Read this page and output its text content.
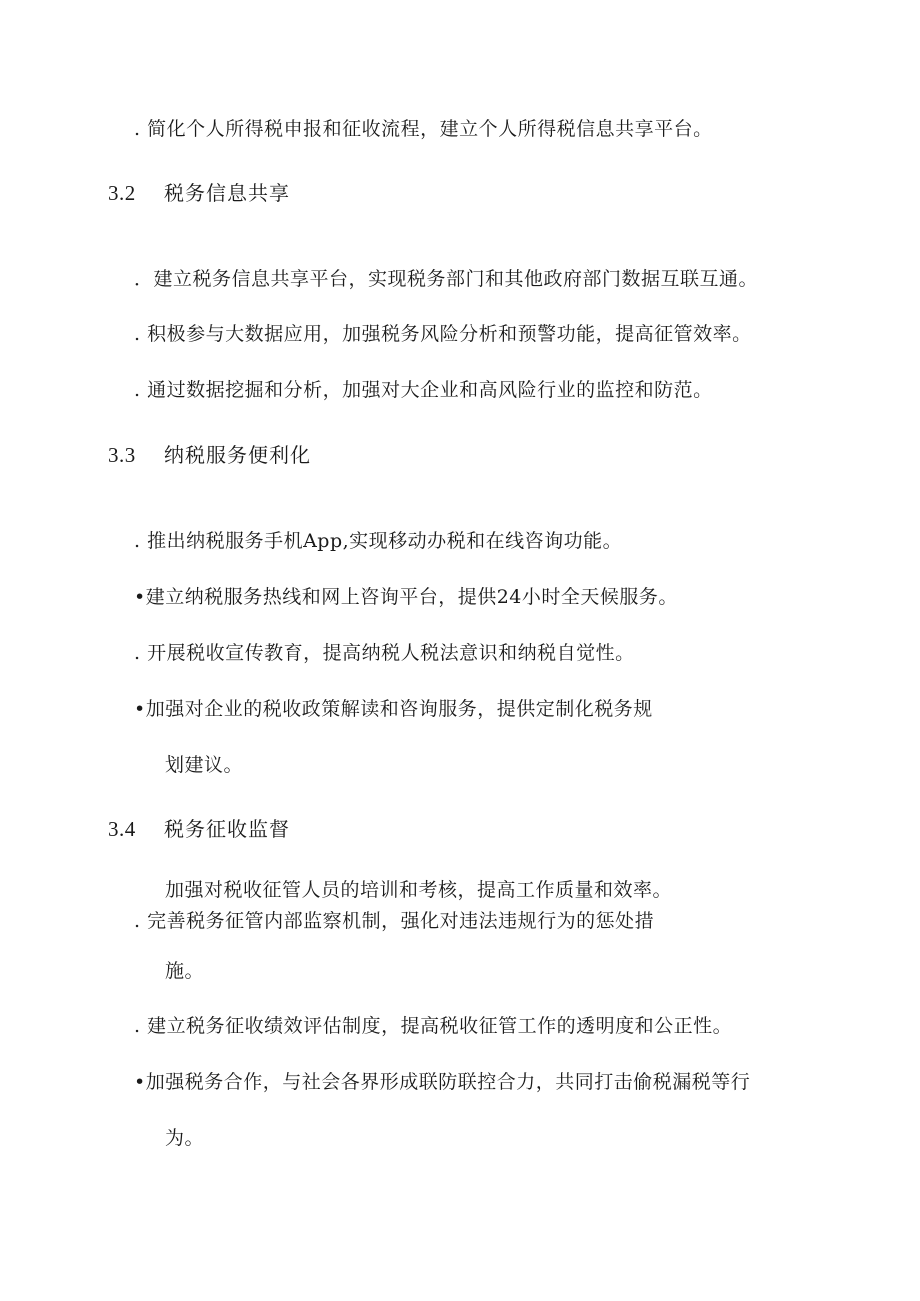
. 简化个人所得税申报和征收流程，建立个人所得税信息共享平台。
3.2 税务信息共享
．建立税务信息共享平台，实现税务部门和其他政府部门数据互联互通。
. 积极参与大数据应用，加强税务风险分析和预警功能，提高征管效率。
. 通过数据挖掘和分析，加强对大企业和高风险行业的监控和防范。
3.3 纳税服务便利化
. 推出纳税服务手机App,实现移动办税和在线咨询功能。
•建立纳税服务热线和网上咨询平台，提供24小时全天候服务。
. 开展税收宣传教育，提高纳税人税法意识和纳税自觉性。
•加强对企业的税收政策解读和咨询服务，提供定制化税务规
划建议。
3.4 税务征收监督
加强对税收征管人员的培训和考核，提高工作质量和效率。
. 完善税务征管内部监察机制，强化对违法违规行为的惩处措
施。
. 建立税务征收绩效评估制度，提高税收征管工作的透明度和公正性。
•加强税务合作，与社会各界形成联防联控合力，共同打击偷税漏税等行
为。
